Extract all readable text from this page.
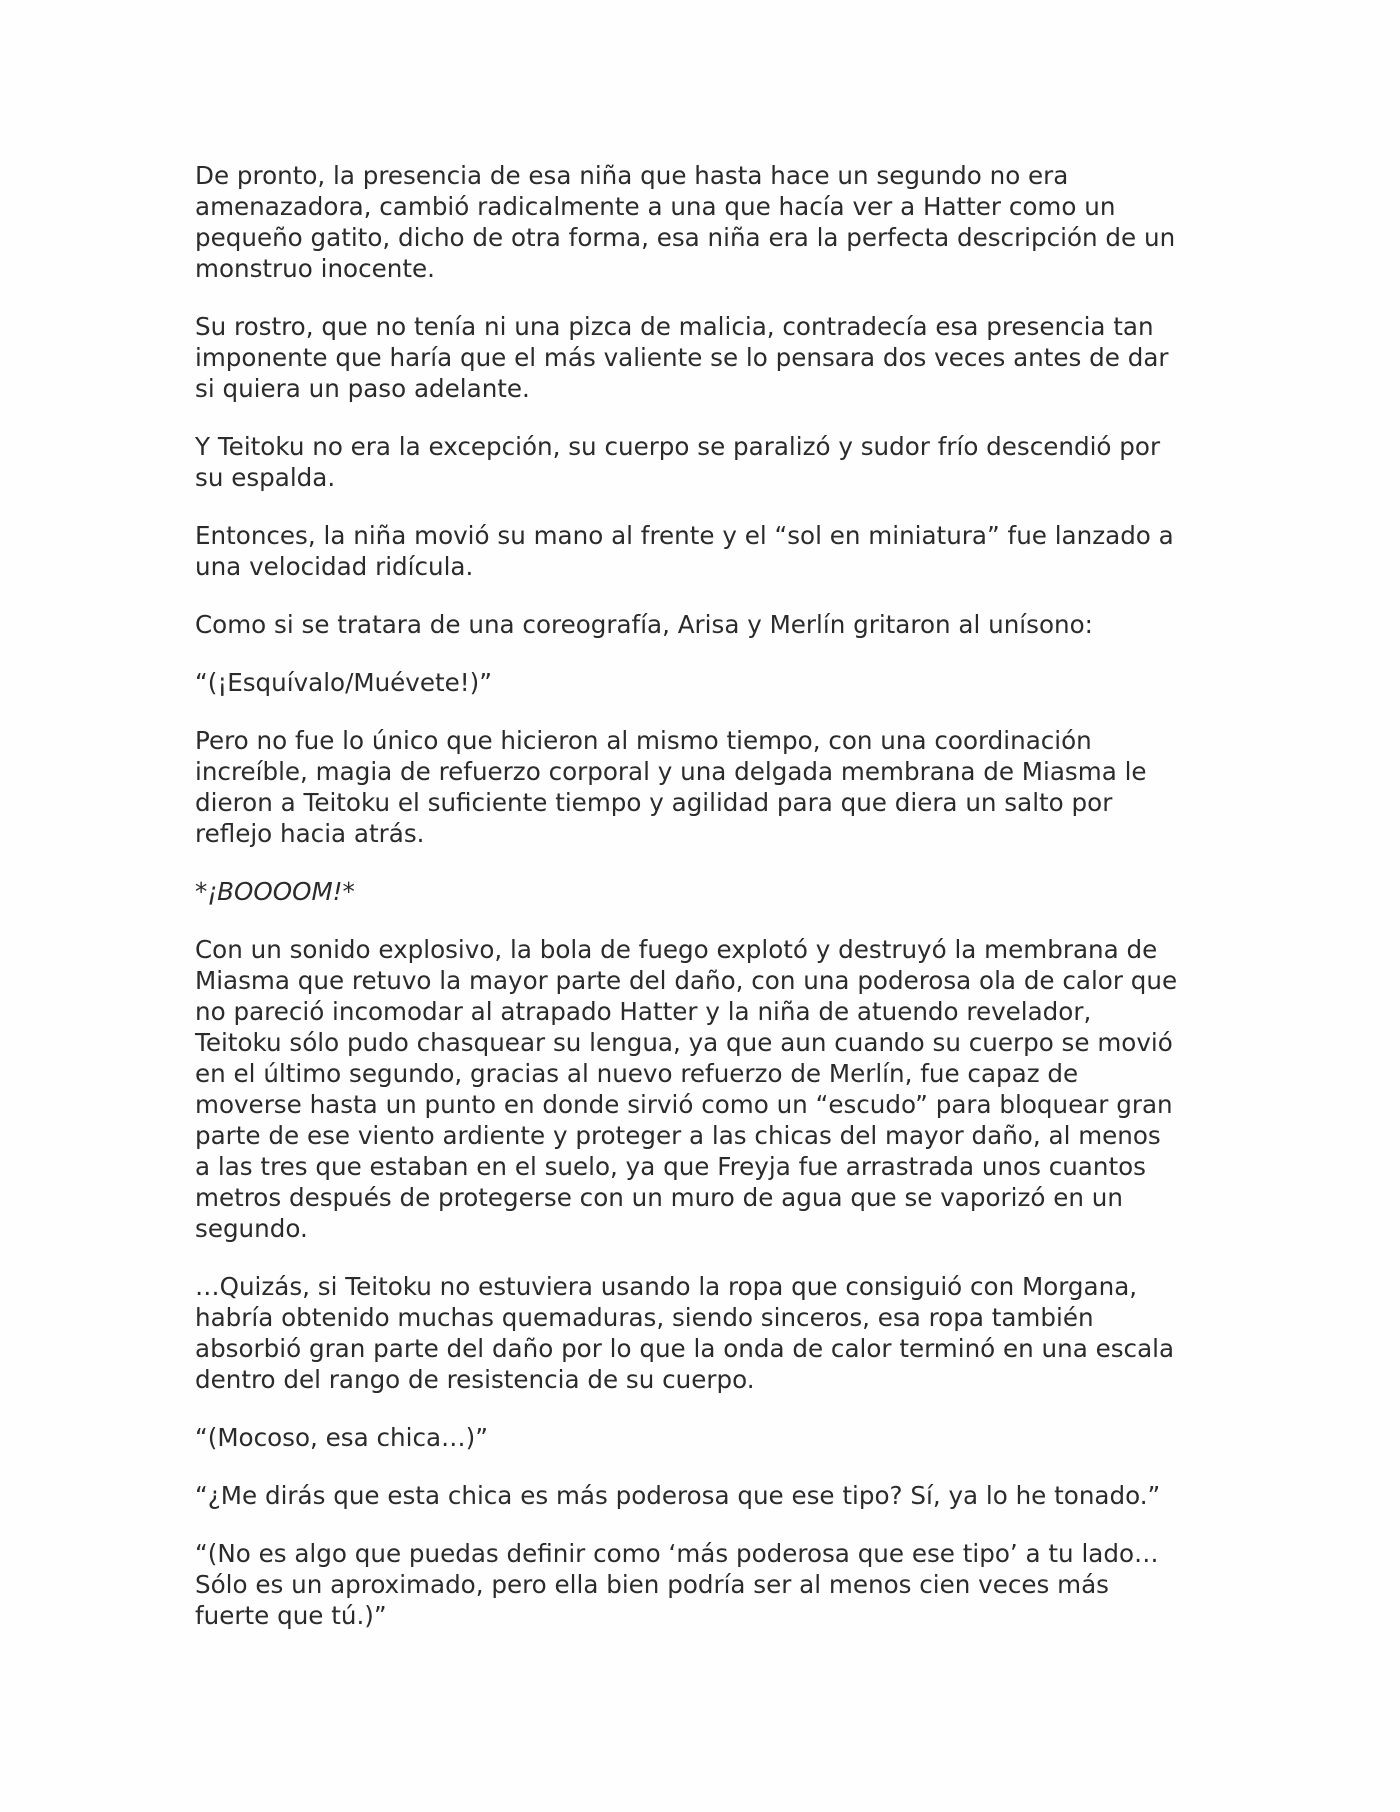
De pronto, la presencia de esa niña que hasta hace un segundo no era
amenazadora, cambió radicalmente a una que hacía ver a Hatter como un
pequeño gatito, dicho de otra forma, esa niña era la perfecta descripción de un
monstruo inocente.

Su rostro, que no tenía ni una pizca de malicia, contradecía esa presencia tan
imponente que haría que el más valiente se lo pensara dos veces antes de dar
si quiera un paso adelante.

Y Teitoku no era la excepción, su cuerpo se paralizó y sudor frío descendió por
su espalda.

Entonces, la niña movió su mano al frente y el “sol en miniatura” fue lanzado a
una velocidad ridícula.

Como si se tratara de una coreografía, Arisa y Merlín gritaron al unísono:

“(¡Esquívalo/Muévete!)”

Pero no fue lo único que hicieron al mismo tiempo, con una coordinación
increíble, magia de refuerzo corporal y una delgada membrana de Miasma le
dieron a Teitoku el suficiente tiempo y agilidad para que diera un salto por
reflejo hacia atrás.

*¡BOOOOM!*

Con un sonido explosivo, la bola de fuego explotó y destruyó la membrana de
Miasma que retuvo la mayor parte del daño, con una poderosa ola de calor que
no pareció incomodar al atrapado Hatter y la niña de atuendo revelador,
Teitoku sólo pudo chasquear su lengua, ya que aun cuando su cuerpo se movió
en el último segundo, gracias al nuevo refuerzo de Merlín, fue capaz de
moverse hasta un punto en donde sirvió como un “escudo” para bloquear gran
parte de ese viento ardiente y proteger a las chicas del mayor daño, al menos
a las tres que estaban en el suelo, ya que Freyja fue arrastrada unos cuantos
metros después de protegerse con un muro de agua que se vaporizó en un
segundo.

…Quizás, si Teitoku no estuviera usando la ropa que consiguió con Morgana,
habría obtenido muchas quemaduras, siendo sinceros, esa ropa también
absorbió gran parte del daño por lo que la onda de calor terminó en una escala
dentro del rango de resistencia de su cuerpo.

“(Mocoso, esa chica…)”

“¿Me dirás que esta chica es más poderosa que ese tipo? Sí, ya lo he tonado.”

“(No es algo que puedas definir como ‘más poderosa que ese tipo’ a tu lado…
Sólo es un aproximado, pero ella bien podría ser al menos cien veces más
fuerte que tú.)”
